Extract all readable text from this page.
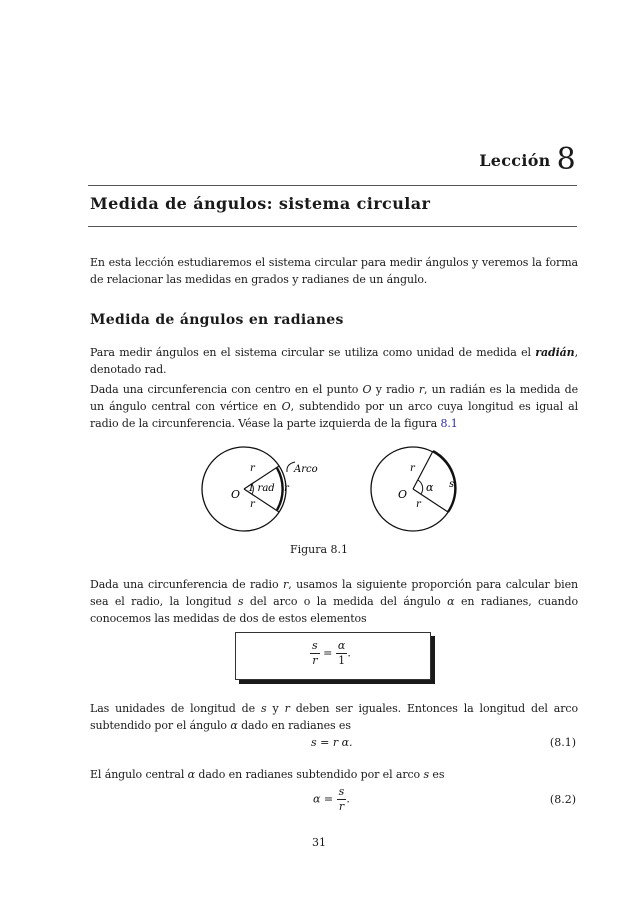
Lección 8
Medida de ángulos: sistema circular
En esta lección estudiaremos el sistema circular para medir ángulos y veremos la forma de relacionar las medidas en grados y radianes de un ángulo.
Medida de ángulos en radianes
Para medir ángulos en el sistema circular se utiliza como unidad de medida el radián, denotado rad.
Dada una circunferencia con centro en el punto O y radio r, un radián es la medida de un ángulo central con vértice en O, subtendido por un arco cuya longitud es igual al radio de la circunferencia. Véase la parte izquierda de la figura 8.1
O
r
r
1 rad r
Arco
O
r
r
α s
Figura 8.1
Dada una circunferencia de radio r, usamos la siguiente proporción para calcular bien sea el radio, la longitud s del arco o la medida del ángulo α en radianes, cuando conocemos las medidas de dos de estos elementos
$\frac{s}{r} = \frac{\alpha}{1}$ .
Las unidades de longitud de s y r deben ser iguales. Entonces la longitud del arco subtendido por el ángulo α dado en radianes es
s = r α.	(8.1)
El ángulo central α dado en radianes subtendido por el arco s es
$\alpha = \frac{s}{r}$ .	(8.2)
31
